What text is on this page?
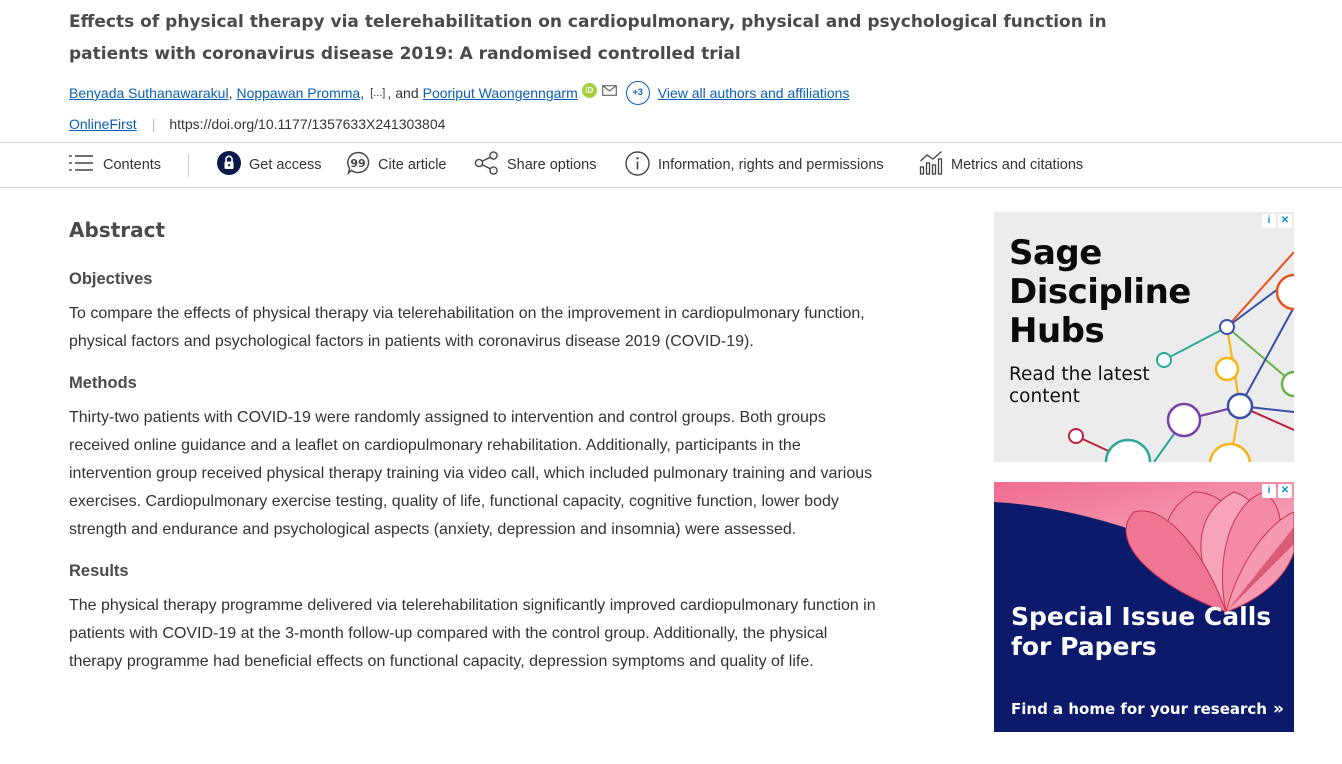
Effects of physical therapy via telerehabilitation on cardiopulmonary, physical and psychological function in patients with coronavirus disease 2019: A randomised controlled trial
Benyada Suthanawarakul , Noppawan Promma , [...] , and Pooriput Waongenngarm iD	+3	View all authors and affiliations
OnlineFirst | https://doi.org/10.1177/1357633X241303804
Contents	Get access	99 Cite article	Share options	Information, rights and permissions	Metrics and citations
Abstract
Objectives

To compare the effects of physical therapy via telerehabilitation on the improvement in cardiopulmonary function, physical factors and psychological factors in patients with coronavirus disease 2019 (COVID-19).

Methods

Thirty-two patients with COVID-19 were randomly assigned to intervention and control groups. Both groups received online guidance and a leaflet on cardiopulmonary rehabilitation. Additionally, participants in the intervention group received physical therapy training via video call, which included pulmonary training and various exercises. Cardiopulmonary exercise testing, quality of life, functional capacity, cognitive function, lower body strength and endurance and psychological aspects (anxiety, depression and insomnia) were assessed.

Results

The physical therapy programme delivered via telerehabilitation significantly improved cardiopulmonary function in patients with COVID-19 at the 3-month follow-up compared with the control group. Additionally, the physical therapy programme had beneficial effects on functional capacity, depression symptoms and quality of life.

i	✕
Sage Discipline Hubs
Read the latest content
i	✕
Special Issue Calls for Papers
Find a home for your research »
